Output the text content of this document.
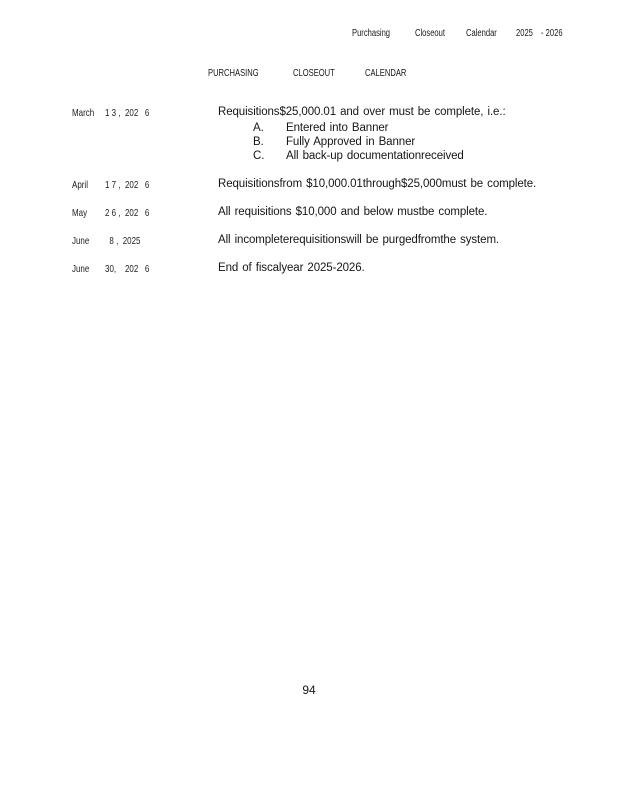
Purchasing Closeout Calendar 2025 - 2026
PURCHASING	CLOSEOUT	CALENDAR
March 1 3 ,  202   6	Requisitions$25,000.01 and over must be complete, i.e.:
A. Entered into Banner
B. Fully Approved in Banner
C. All back-up documentationreceived
April 1 7 ,  202   6	Requisitionsfrom $10,000.01through$25,000must be complete.
May 2 6 ,  202   6	All requisitions $10,000 and below mustbe complete.
June 8 ,  2025	All incompleterequisitionswill be purgedfromthe system.
June 30,    202   6	End of fiscalyear 2025-2026.
94
